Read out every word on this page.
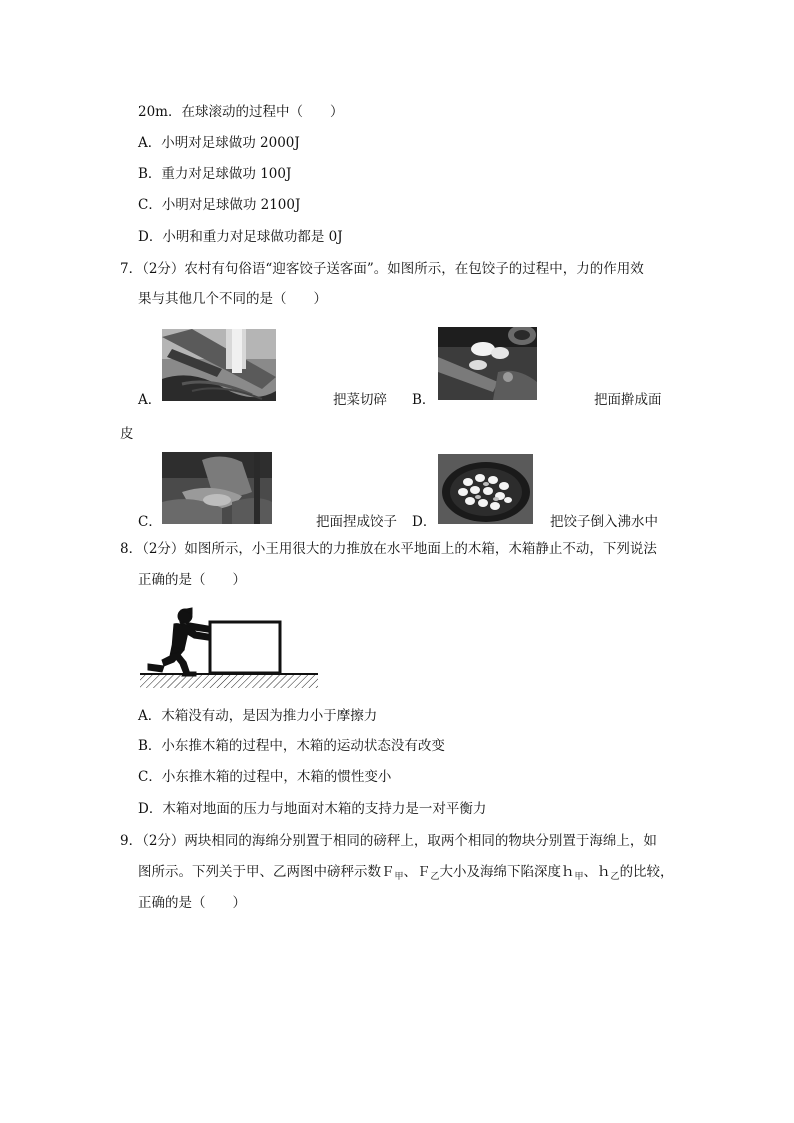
20m．在球滚动的过程中（　　）
A．小明对足球做功 2000J
B．重力对足球做功 100J
C．小明对足球做功 2100J
D．小明和重力对足球做功都是 0J
7．（2分）农村有句俗语“迎客饺子送客面”。如图所示，在包饺子的过程中，力的作用效
果与其他几个不同的是（　　）
A．	把菜切碎 B．	把面擀成面
皮
C．	把面捏成饺子 D．	把饺子倒入沸水中
8．（2分）如图所示，小王用很大的力推放在水平地面上的木箱，木箱静止不动，下列说法
正确的是（　　）
A．木箱没有动，是因为推力小于摩擦力
B．小东推木箱的过程中，木箱的运动状态没有改变
C．小东推木箱的过程中，木箱的惯性变小
D．木箱对地面的压力与地面对木箱的支持力是一对平衡力
9．（2分）两块相同的海绵分别置于相同的磅秤上，取两个相同的物块分别置于海绵上，如
图所示。下列关于甲、乙两图中磅秤示数Ｆ$_甲$、Ｆ$_乙$大小及海绵下陷深度ｈ$_甲$、ｈ$_乙$的比较，
正确的是（　　）
